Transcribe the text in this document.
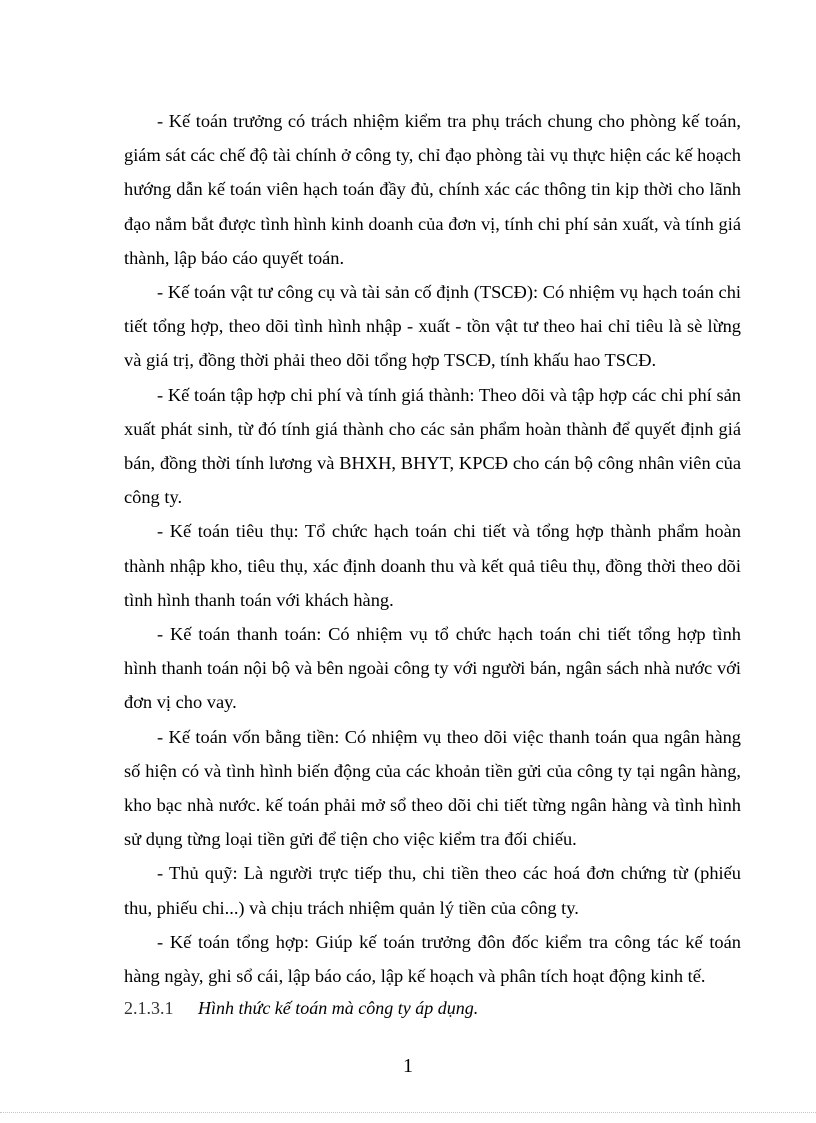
- Kế toán trưởng có trách nhiệm kiểm tra phụ trách chung cho phòng kế toán, giám sát các chế độ tài chính ở công ty, chỉ đạo phòng tài vụ thực hiện các kế hoạch hướng dẫn kế toán viên hạch toán đầy đủ, chính xác các thông tin kịp thời cho lãnh đạo nắm bắt được tình hình kinh doanh của đơn vị, tính chi phí sản xuất, và tính giá thành, lập báo cáo quyết toán.

- Kế toán vật tư công cụ và tài sản cố định (TSCĐ): Có nhiệm vụ hạch toán chi tiết tổng hợp, theo dõi tình hình nhập - xuất - tồn vật tư theo hai chỉ tiêu là sè lừng và giá trị, đồng thời phải theo dõi tổng hợp TSCĐ, tính khấu hao TSCĐ.

- Kế toán tập hợp chi phí và tính giá thành: Theo dõi và tập hợp các chi phí sản xuất phát sinh, từ đó tính giá thành cho các sản phẩm hoàn thành để quyết định giá bán, đồng thời tính lương và BHXH, BHYT, KPCĐ cho cán bộ công nhân viên của công ty.

- Kế toán tiêu thụ: Tổ chức hạch toán chi tiết và tổng hợp thành phẩm hoàn thành nhập kho, tiêu thụ, xác định doanh thu và kết quả tiêu thụ, đồng thời theo dõi tình hình thanh toán với khách hàng.

- Kế toán thanh toán: Có nhiệm vụ tổ chức hạch toán chi tiết tổng hợp tình hình thanh toán nội bộ và bên ngoài công ty với người bán, ngân sách nhà nước với đơn vị cho vay.

- Kế toán vốn bằng tiền: Có nhiệm vụ theo dõi việc thanh toán qua ngân hàng số hiện có và tình hình biến động của các khoản tiền gửi của công ty tại ngân hàng, kho bạc nhà nước. kế toán phải mở sổ theo dõi chi tiết từng ngân hàng và tình hình sử dụng từng loại tiền gửi để tiện cho việc kiểm tra đối chiếu.

- Thủ quỹ: Là người trực tiếp thu, chi tiền theo các hoá đơn chứng từ (phiếu thu, phiếu chi...) và chịu trách nhiệm quản lý tiền của công ty.

- Kế toán tổng hợp: Giúp kế toán trưởng đôn đốc kiểm tra công tác kế toán hàng ngày, ghi sổ cái, lập báo cáo, lập kế hoạch và phân tích hoạt động kinh tế.

2.1.3.1 Hình thức kế toán mà công ty áp dụng.

1
